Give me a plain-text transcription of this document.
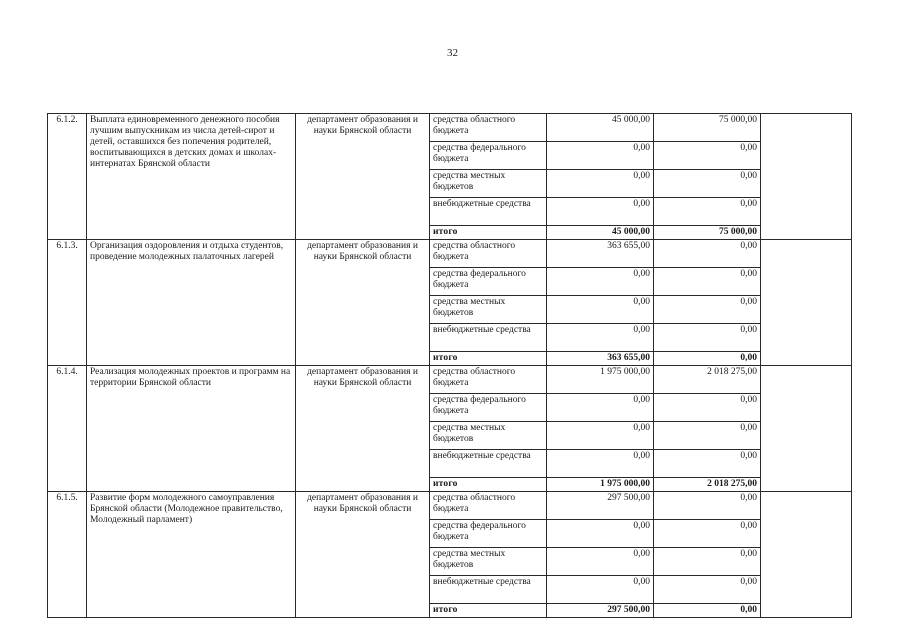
32
6.1.2.	Выплата единовременного денежного пособия лучшим выпускникам из числа детей-сирот и детей, оставшихся без попечения родителей, воспитывающихся в детских домах и школах-интернатах Брянской области	департамент образования и науки Брянской области	средства областного бюджета	45 000,00	75 000,00	
			средства федерального бюджета	0,00	0,00	
			средства местных бюджетов	0,00	0,00	
			внебюджетные средства	0,00	0,00	
			итого	45 000,00	75 000,00	
6.1.3.	Организация оздоровления и отдыха студентов, проведение молодежных палаточных лагерей	департамент образования и науки Брянской области	средства областного бюджета	363 655,00	0,00	
			средства федерального бюджета	0,00	0,00	
			средства местных бюджетов	0,00	0,00	
			внебюджетные средства	0,00	0,00	
			итого	363 655,00	0,00	
6.1.4.	Реализация молодежных проектов и программ на территории Брянской области	департамент образования и науки Брянской области	средства областного бюджета	1 975 000,00	2 018 275,00	
			средства федерального бюджета	0,00	0,00	
			средства местных бюджетов	0,00	0,00	
			внебюджетные средства	0,00	0,00	
			итого	1 975 000,00	2 018 275,00	
6.1.5.	Развитие форм молодежного самоуправления Брянской области (Молодежное правительство, Молодежный парламент)	департамент образования и науки Брянской области	средства областного бюджета	297 500,00	0,00	
			средства федерального бюджета	0,00	0,00	
			средства местных бюджетов	0,00	0,00	
			внебюджетные средства	0,00	0,00	
			итого	297 500,00	0,00	
